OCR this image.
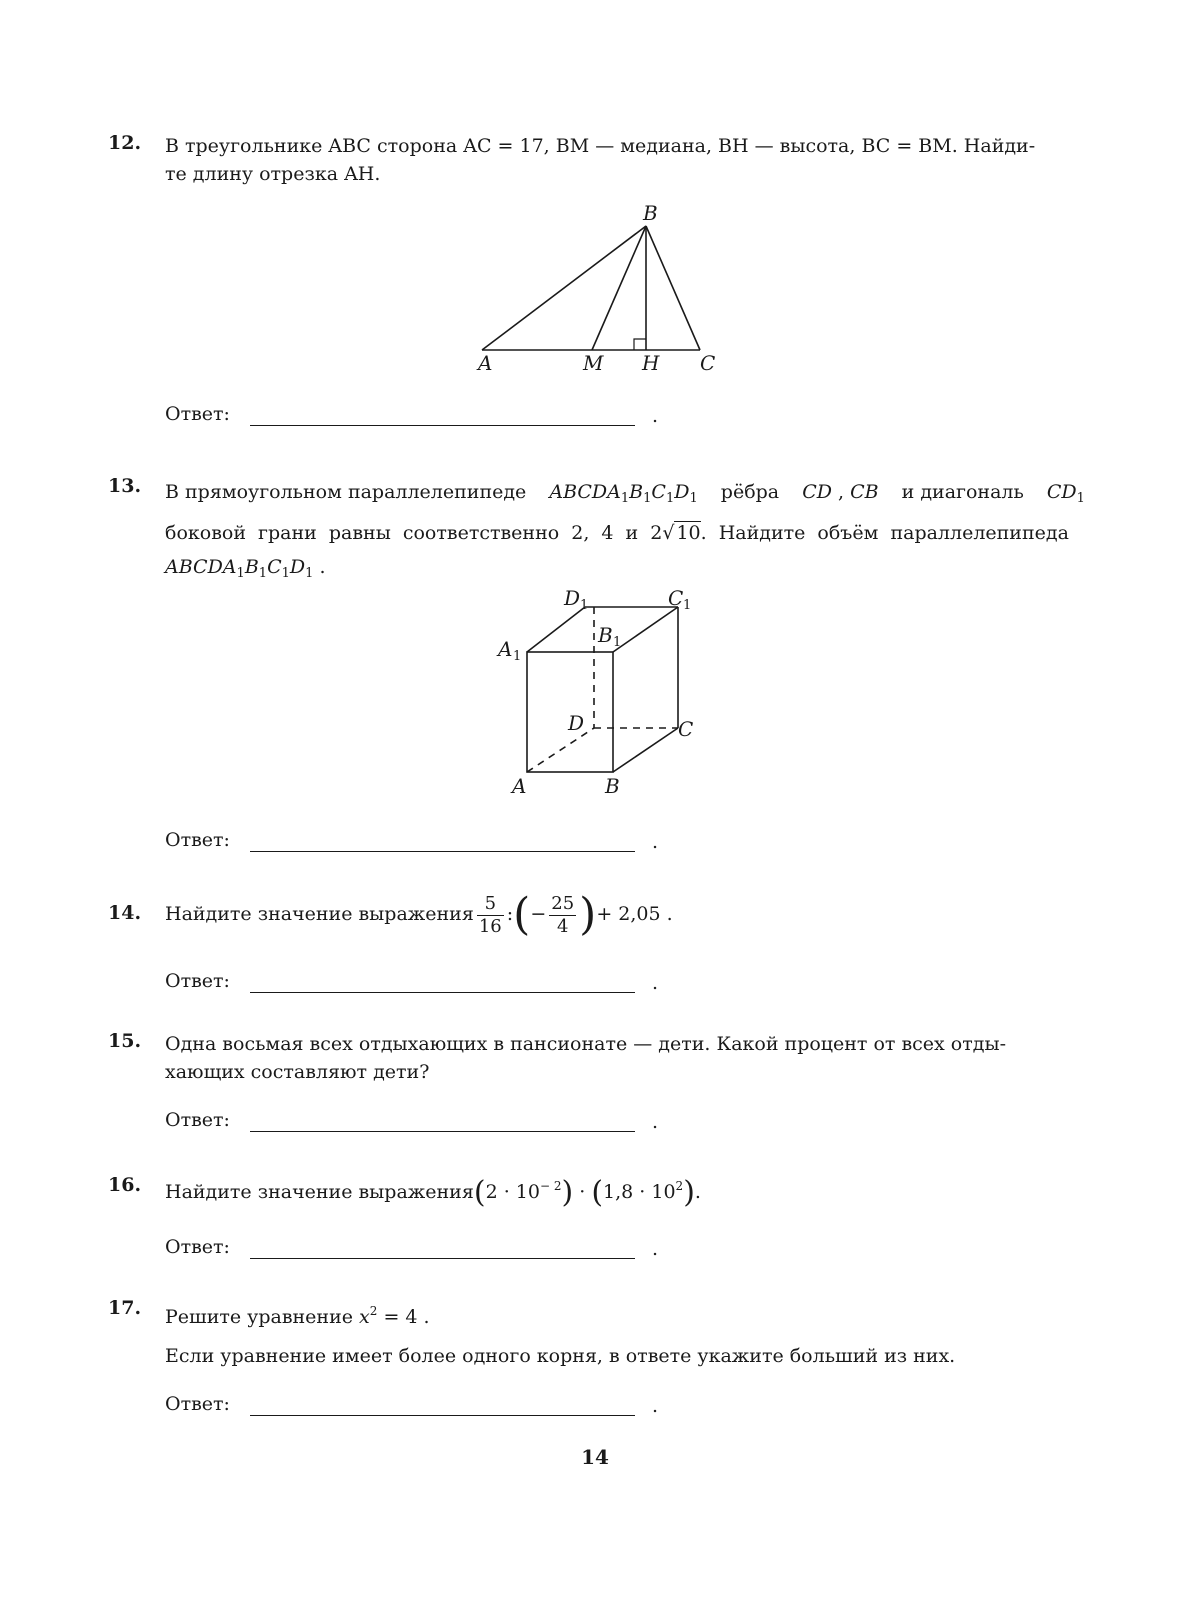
12. В треугольнике ABC сторона AC = 17, BM — медиана, BH — высота, BC = BM. Найди-
те длину отрезка AH.
B
A	M H C
Ответ:	.
13. В прямоугольном параллелепипеде $ABCDA_1B_1C_1D_1$ рёбра CD , CB и диагональ $CD_1$
боковой грани равны соответственно 2, 4 и 2√ 10. Найдите объём параллелепипеда
$ABCDA_1B_1C_1D_1$ .
D 1	C 1
B 1
A 1
D	C
A	B
Ответ:	.
14. Найдите значение выражения $\frac{5}{16}$ :(− $\frac{25}{4}$ )+ 2,05 .
Ответ:	.
15. Одна восьмая всех отдыхающих в пансионате — дети. Какой процент от всех отды-
хающих составляют дети?
Ответ:	.
16. Найдите значение выражения(2 · $10^{- 2}) \cdot (1,8 \cdot 10^2)$.
Ответ:	.
17. Решите уравнение $x^2 = 4$ .
Если уравнение имеет более одного корня, в ответе укажите больший из них.
Ответ:	.
14
